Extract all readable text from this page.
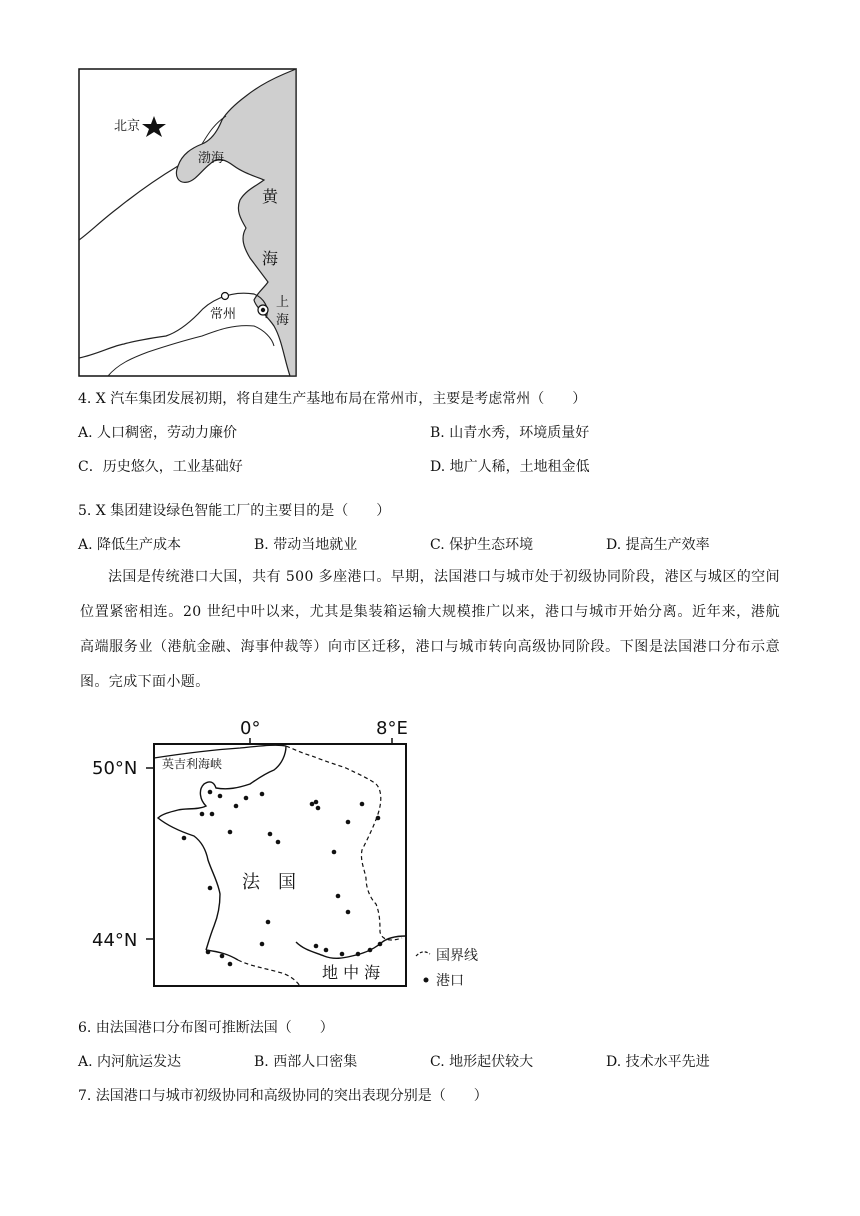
北京
渤海
黄
海
常州
上
海
4. X 汽车集团发展初期，将自建生产基地布局在常州市，主要是考虑常州（　　）
A. 人口稠密，劳动力廉价	B. 山青水秀，环境质量好
C．历史悠久，工业基础好	D. 地广人稀，土地租金低
5. X 集团建设绿色智能工厂的主要目的是（　　）
A. 降低生产成本	B. 带动当地就业	C. 保护生态环境	D. 提高生产效率
法国是传统港口大国，共有 500 多座港口。早期，法国港口与城市处于初级协同阶段，港区与城区的空间位置紧密相连。20 世纪中叶以来，尤其是集装箱运输大规模推广以来，港口与城市开始分离。近年来，港航高端服务业（港航金融、海事仲裁等）向市区迁移，港口与城市转向高级协同阶段。下图是法国港口分布示意图。完成下面小题。
0°	8°E
50°N
44°N
英吉利海峡
法　国
地 中 海
国界线
港口
6. 由法国港口分布图可推断法国（　　）
A. 内河航运发达	B. 西部人口密集	C. 地形起伏较大	D. 技术水平先进
7. 法国港口与城市初级协同和高级协同的突出表现分别是（　　）
